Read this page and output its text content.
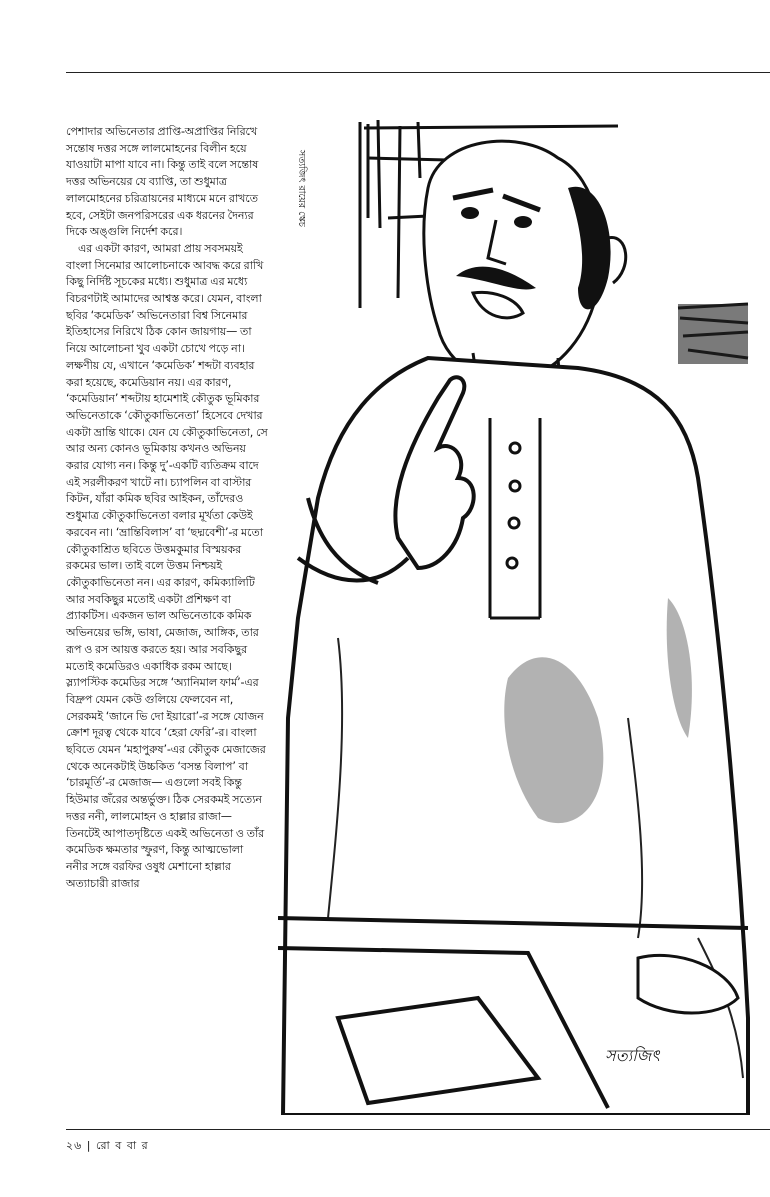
পেশাদার অভিনেতার প্রাপ্তি-অপ্রাপ্তির নিরিখে সন্তোষ দত্তর সঙ্গে লালমোহনের বিলীন হয়ে যাওয়াটা মাপা যাবে না। কিন্তু তাই বলে সন্তোষ দত্তর অভিনয়ের যে ব্যাপ্তি, তা শুধুমাত্র লালমোহনের চরিত্রায়নের মাধ্যমে মনে রাখতে হবে, সেইটা জনপরিসরের এক ধরনের দৈন্যর দিকে অঙ্গুলি নির্দেশ করে।

এর একটা কারণ, আমরা প্রায় সবসময়ই বাংলা সিনেমার আলোচনাকে আবদ্ধ করে রাখি কিছু নির্দিষ্ট সূচকের মধ্যে। শুধুমাত্র এর মধ্যে বিচরণটাই আমাদের আশ্বস্ত করে। যেমন, বাংলা ছবির ‘কমেডিক’ অভিনেতারা বিশ্ব সিনেমার ইতিহাসের নিরিখে ঠিক কোন জায়গায়— তা নিয়ে আলোচনা খুব একটা চোখে পড়ে না। লক্ষণীয় যে, এখানে ‘কমেডিক’ শব্দটা ব্যবহার করা হয়েছে, কমেডিয়ান নয়। এর কারণ, ‘কমেডিয়ান’ শব্দটায় হামেশাই কৌতুক ভূমিকার অভিনেতাকে ‘কৌতুকাভিনেতা’ হিসেবে দেখার একটা ভ্রান্তি থাকে। যেন যে কৌতুকাভিনেতা, সে আর অন্য কোনও ভূমিকায় কখনও অভিনয় করার যোগ্য নন। কিন্তু দু’-একটি ব্যতিক্রম বাদে এই সরলীকরণ খাটে না। চ্যাপলিন বা বাস্টার কিটন, যাঁরা কমিক ছবির আইকন, তাঁদেরও শুধুমাত্র কৌতুকাভিনেতা বলার মূর্খতা কেউই করবেন না। ‘ভ্রান্তিবিলাস’ বা ‘ছদ্মবেশী’-র মতো কৌতুকাশ্রিত ছবিতে উত্তমকুমার বিস্ময়কর রকমের ভাল। তাই বলে উত্তম নিশ্চয়ই কৌতুকাভিনেতা নন। এর কারণ, কমিক্যালিটি আর সবকিছুর মতোই একটা প্রশিক্ষণ বা প্র্যাকটিস। একজন ভাল অভিনেতাকে কমিক অভিনয়ের ভঙ্গি, ভাষা, মেজাজ, আঙ্গিক, তার রূপ ও রস আয়ত্ত করতে হয়। আর সবকিছুর মতোই কমেডিরও একাধিক রকম আছে। স্ল্যাপস্টিক কমেডির সঙ্গে ‘অ্যানিমাল ফার্ম’-এর বিদ্রুপ যেমন কেউ গুলিয়ে ফেলবেন না, সেরকমই ‘জানে ভি দো ইয়ারো’-র সঙ্গে যোজন ক্রোশ দূরত্ব থেকে যাবে ‘হেরা ফেরি’-র। বাংলা ছবিতে যেমন ‘মহাপুরুষ’-এর কৌতুক মেজাজের থেকে অনেকটাই উচ্চকিত ‘বসন্ত বিলাপ’ বা ‘চারমূর্তি’-র মেজাজ— এগুলো সবই কিন্তু হিউমার জঁরের অন্তর্ভুক্ত। ঠিক সেরকমই সত্যেন দত্তর ননী, লালমোহন ও হাল্লার রাজা— তিনটেই আপাতদৃষ্টিতে একই অভিনেতা ও তাঁর কমেডিক ক্ষমতার স্ফুরণ, কিন্তু আত্মভোলা ননীর সঙ্গে বরফির ওষুধ মেশানো হাল্লার অত্যাচারী রাজার

সত্যজিৎ রায়ের স্কেচ
সত্যজিৎ
২৬ | রো ব বা র
